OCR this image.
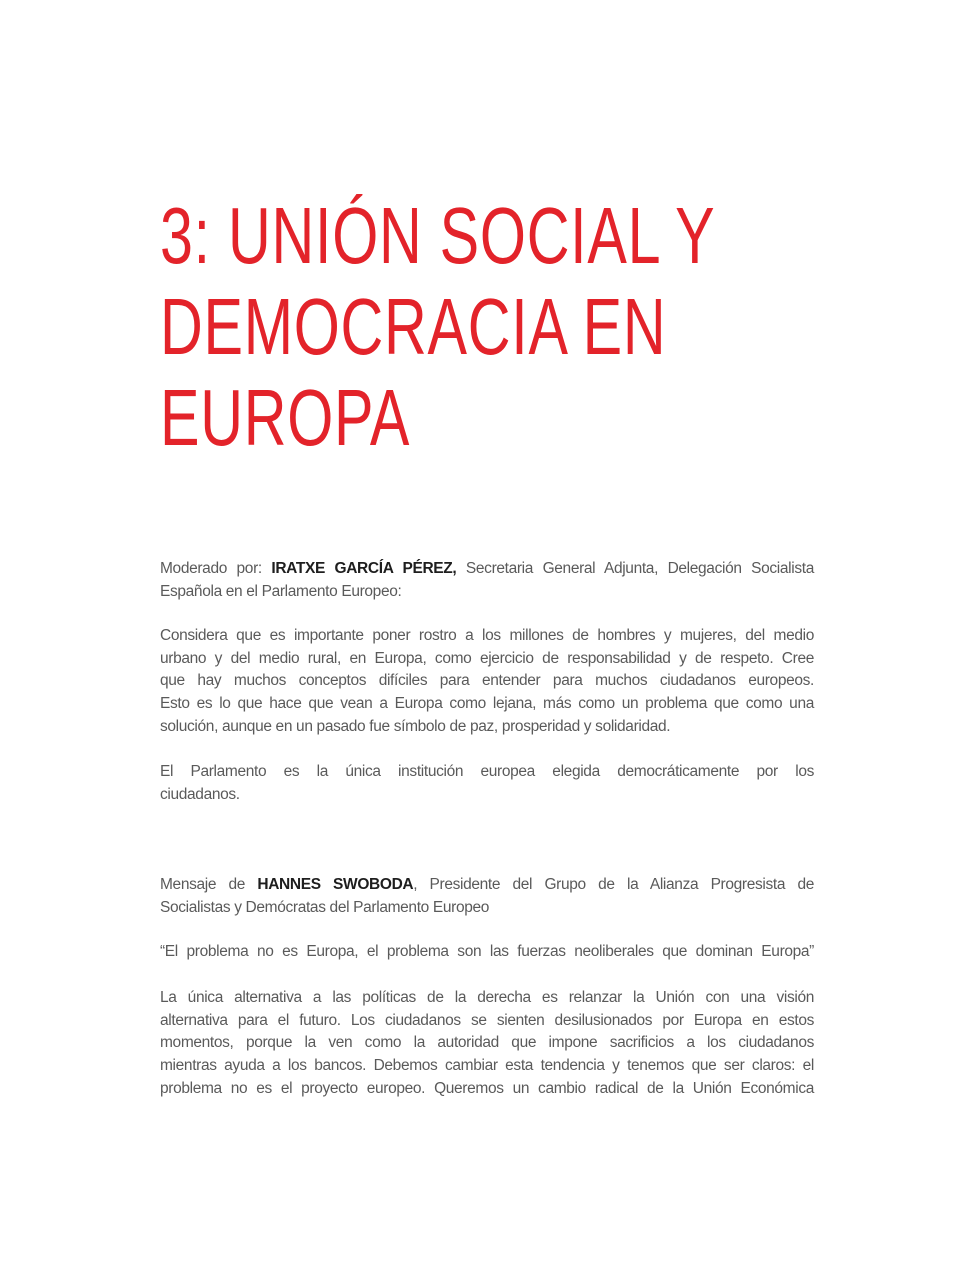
3: UNIÓN SOCIAL Y
DEMOCRACIA EN
EUROPA
Moderado por: IRATXE GARCÍA PÉREZ, Secretaria General Adjunta, Delegación Socialista
Española en el Parlamento Europeo:
Considera que es importante poner rostro a los millones de hombres y mujeres, del medio
urbano y del medio rural, en Europa, como ejercicio de responsabilidad y de respeto. Cree
que hay muchos conceptos difíciles para entender para muchos ciudadanos europeos.
Esto es lo que hace que vean a Europa como lejana, más como un problema que como una
solución, aunque en un pasado fue símbolo de paz, prosperidad y solidaridad.
El Parlamento es la única institución europea elegida democráticamente por los
ciudadanos.
Mensaje de HANNES SWOBODA, Presidente del Grupo de la Alianza Progresista de
Socialistas y Demócratas del Parlamento Europeo
“El problema no es Europa, el problema son las fuerzas neoliberales que dominan Europa”
La única alternativa a las políticas de la derecha es relanzar la Unión con una visión
alternativa para el futuro. Los ciudadanos se sienten desilusionados por Europa en estos
momentos, porque la ven como la autoridad que impone sacrificios a los ciudadanos
mientras ayuda a los bancos. Debemos cambiar esta tendencia y tenemos que ser claros: el
problema no es el proyecto europeo. Queremos un cambio radical de la Unión Económica
